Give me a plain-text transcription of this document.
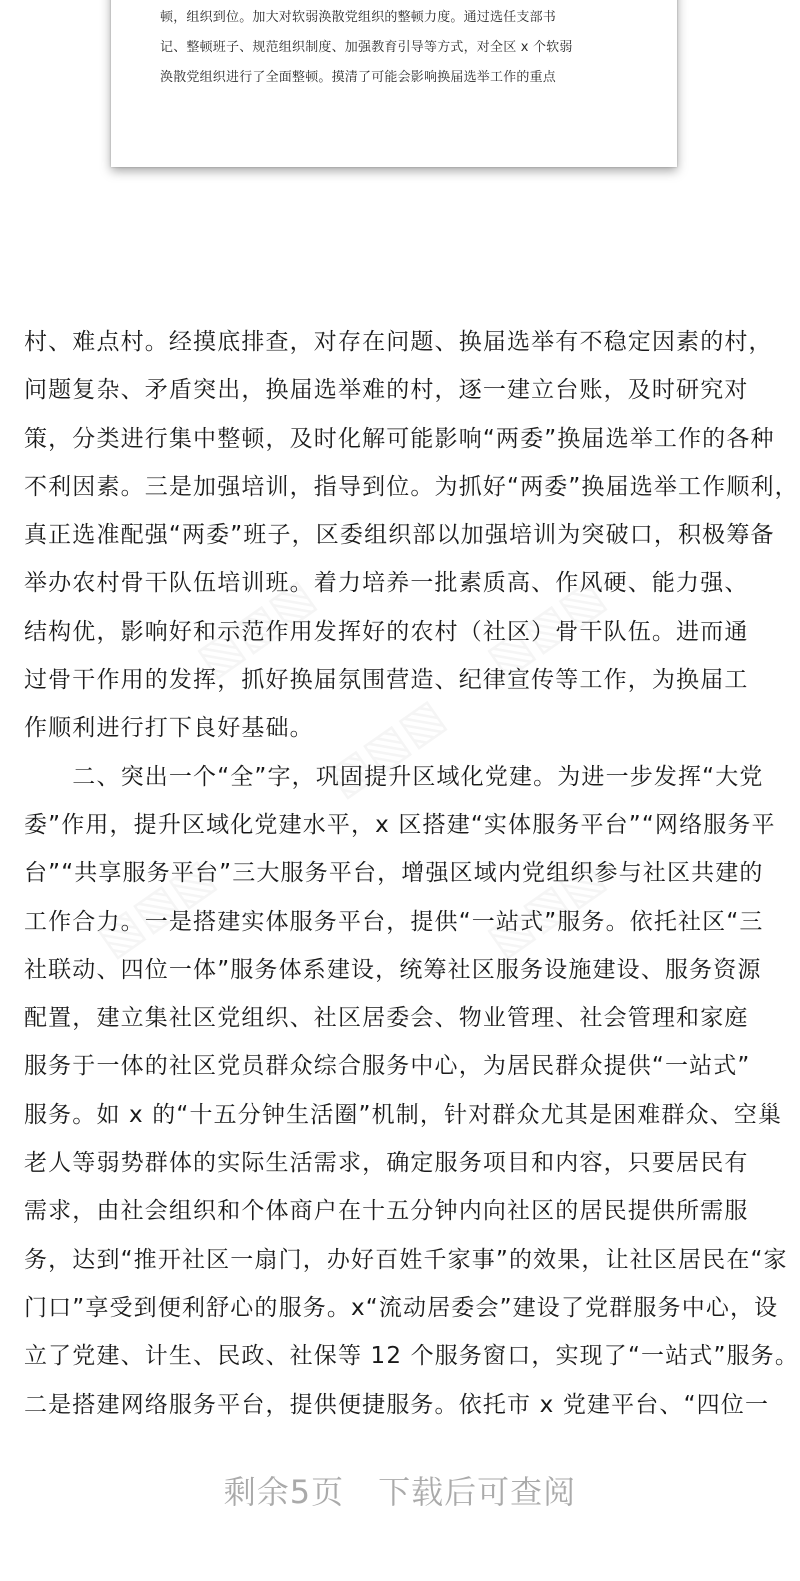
顿，组织到位。加大对软弱涣散党组织的整顿力度。通过选任支部书
记、整顿班子、规范组织制度、加强教育引导等方式，对全区 x 个软弱
涣散党组织进行了全面整顿。摸清了可能会影响换届选举工作的重点

▧▧▧	▧▧▧
▧▧▧
▧▧▧	▧▧▧
村、难点村。经摸底排查，对存在问题、换届选举有不稳定因素的村，
问题复杂、矛盾突出，换届选举难的村，逐一建立台账，及时研究对
策，分类进行集中整顿，及时化解可能影响“两委”换届选举工作的各种
不利因素。三是加强培训，指导到位。为抓好“两委”换届选举工作顺利，
真正选准配强“两委”班子，区委组织部以加强培训为突破口，积极筹备
举办农村骨干队伍培训班。着力培养一批素质高、作风硬、能力强、
结构优，影响好和示范作用发挥好的农村（社区）骨干队伍。进而通
过骨干作用的发挥，抓好换届氛围营造、纪律宣传等工作，为换届工
作顺利进行打下良好基础。
　　二、突出一个“全”字，巩固提升区域化党建。为进一步发挥“大党
委”作用，提升区域化党建水平，x 区搭建“实体服务平台”“网络服务平
台”“共享服务平台”三大服务平台，增强区域内党组织参与社区共建的
工作合力。一是搭建实体服务平台，提供“一站式”服务。依托社区“三
社联动、四位一体”服务体系建设，统筹社区服务设施建设、服务资源
配置，建立集社区党组织、社区居委会、物业管理、社会管理和家庭
服务于一体的社区党员群众综合服务中心，为居民群众提供“一站式”
服务。如 x 的“十五分钟生活圈”机制，针对群众尤其是困难群众、空巢
老人等弱势群体的实际生活需求，确定服务项目和内容，只要居民有
需求，由社会组织和个体商户在十五分钟内向社区的居民提供所需服
务，达到“推开社区一扇门，办好百姓千家事”的效果，让社区居民在“家
门口”享受到便利舒心的服务。x“流动居委会”建设了党群服务中心，设
立了党建、计生、民政、社保等 12 个服务窗口，实现了“一站式”服务。
二是搭建网络服务平台，提供便捷服务。依托市 x 党建平台、“四位一
剩余5页 下载后可查阅
